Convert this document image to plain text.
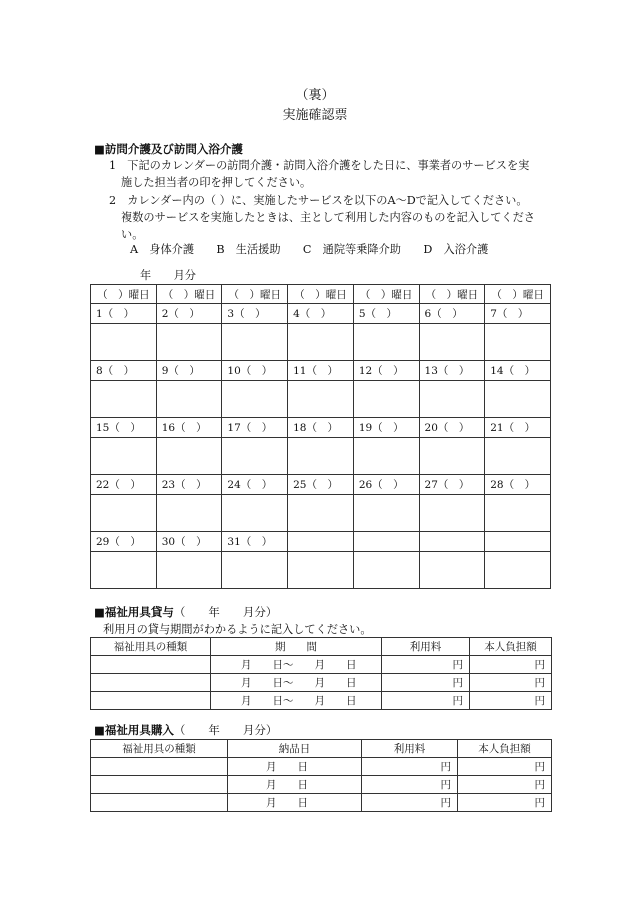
（裏）
実施確認票
■訪問介護及び訪問入浴介護
1　下記のカレンダーの訪問介護・訪問入浴介護をした日に、事業者のサービスを実
施した担当者の印を押してください。
2　カレンダー内の（ ）に、実施したサービスを以下のA～Dで記入してください。
複数のサービスを実施したときは、主として利用した内容のものを記入してくださ
い。
A　身体介護　　B　生活援助　　C　通院等乗降介助　　D　入浴介護
年　　月分
（　）曜日	（　）曜日	（　）曜日	（　）曜日	（　）曜日	（　）曜日	（　）曜日
1（　）	2（　）	3（　）	4（　）	5（　）	6（　）	7（　）

8（　）	9（　）	10（　）	11（　）	12（　）	13（　）	14（　）

15（　）	16（　）	17（　）	18（　）	19（　）	20（　）	21（　）

22（　）	23（　）	24（　）	25（　）	26（　）	27（　）	28（　）

29（　）	30（　）	31（　）				

■福祉用具貸与（　　年　　月分）
利用月の貸与期間がわかるように記入してください。
福祉用具の種類	期　　間	利用料	本人負担額
	月　　日～　　月　　日	円	円
	月　　日～　　月　　日	円	円
	月　　日～　　月　　日	円	円
■福祉用具購入（　　年　　月分）
福祉用具の種類	納品日	利用料	本人負担額
	月　　日	円	円
	月　　日	円	円
	月　　日	円	円
